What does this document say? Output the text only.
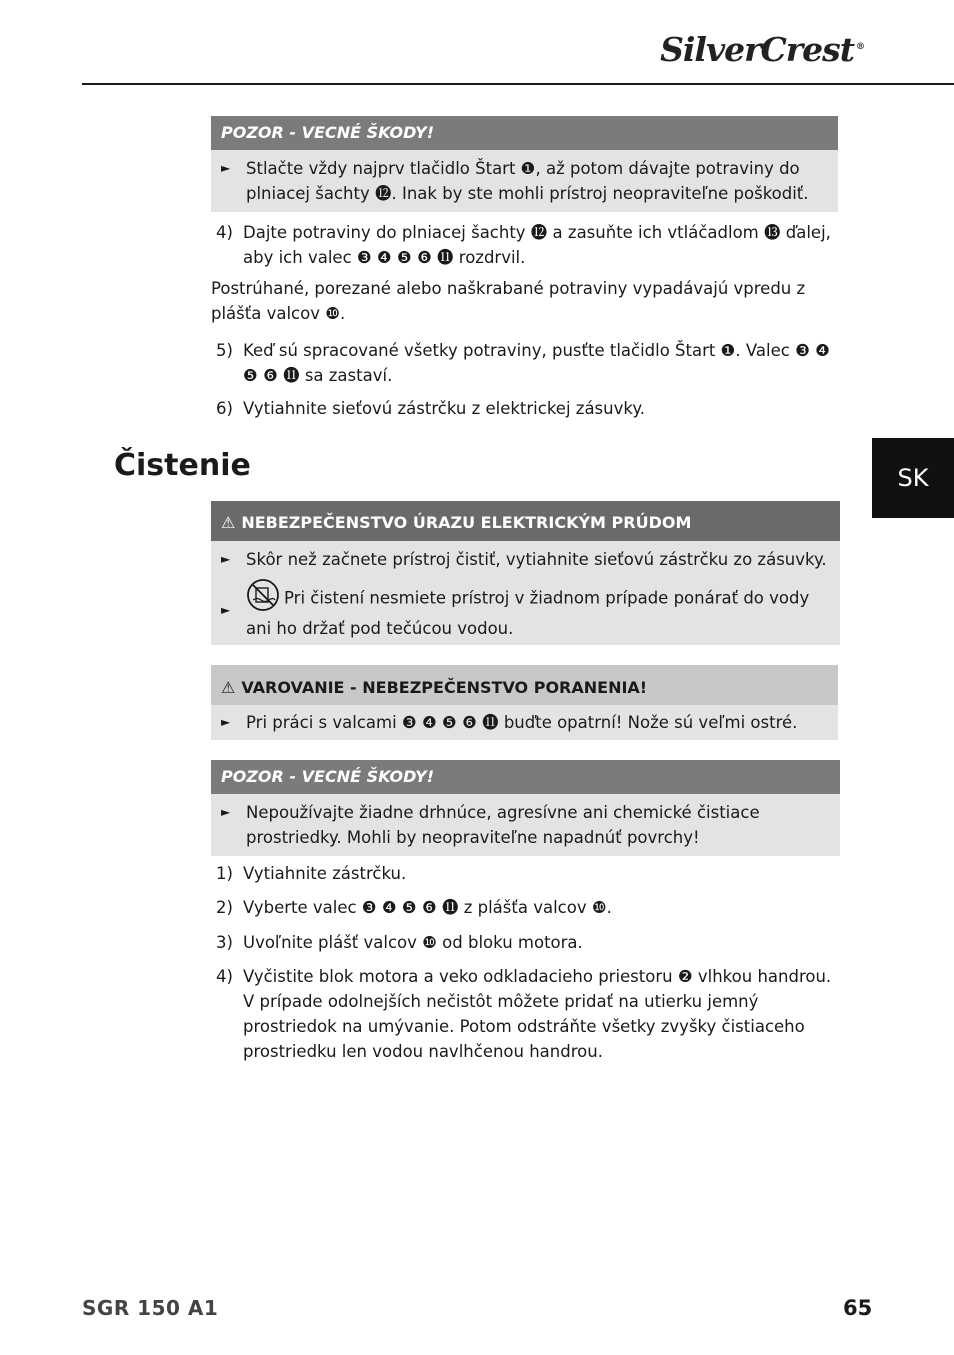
SilverCrest ®
SK
POZOR - VECNÉ ŠKODY!
► Stlačte vždy najprv tlačidlo Štart ❶, až potom dávajte potraviny do plniacej šachty ⓬. Inak by ste mohli prístroj neopraviteľne poškodiť.
4) Dajte potraviny do plniacej šachty ⓬ a zasuňte ich vtláčadlom ⓭ ďalej, aby ich valec ❸ ❹ ❺ ❻ ⓫ rozdrvil.
Postrúhané, porezané alebo naškrabané potraviny vypadávajú vpredu z plášťa valcov ❿.
5) Keď sú spracované všetky potraviny, pusťte tlačidlo Štart ❶. Valec ❸ ❹ ❺ ❻ ⓫ sa zastaví.
6) Vytiahnite sieťovú zástrčku z elektrickej zásuvky.
Čistenie
⚠ NEBEZPEČENSTVO ÚRAZU ELEKTRICKÝM PRÚDOM
► Skôr než začnete prístroj čistiť, vytiahnite sieťovú zástrčku zo zásuvky.
►
Pri čistení nesmiete prístroj v žiadnom prípade ponárať do vody ani ho držať pod tečúcou vodou.
⚠ VAROVANIE - NEBEZPEČENSTVO PORANENIA!
► Pri práci s valcami ❸ ❹ ❺ ❻ ⓫ buďte opatrní! Nože sú veľmi ostré.
POZOR - VECNÉ ŠKODY!
► Nepoužívajte žiadne drhnúce, agresívne ani chemické čistiace prostriedky. Mohli by neopraviteľne napadnúť povrchy!
1) Vytiahnite zástrčku.
2) Vyberte valec ❸ ❹ ❺ ❻ ⓫ z plášťa valcov ❿.
3) Uvoľnite plášť valcov ❿ od bloku motora.
4) Vyčistite blok motora a veko odkladacieho priestoru ❷ vlhkou handrou. V prípade odolnejších nečistôt môžete pridať na utierku jemný prostriedok na umývanie. Potom odstráňte všetky zvyšky čistiaceho prostriedku len vodou navlhčenou handrou.
SGR 150 A1	65
